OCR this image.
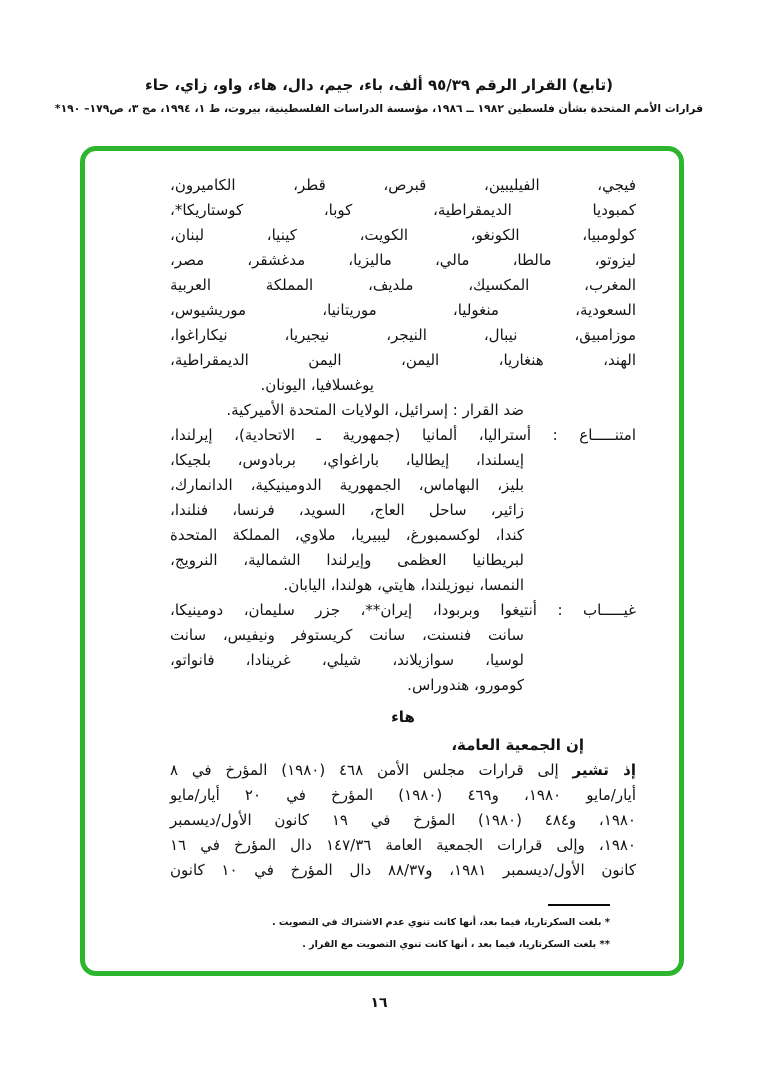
(تابع) القرار الرقم ٩٥/٣٩ ألف، باء، جيم، دال، هاء، واو، زاي، حاء
قرارات الأمم المتحدة بشأن فلسطين ١٩٨٢ ــ ١٩٨٦، مؤسسة الدراسات الفلسطينية، بيروت، ط ١، ١٩٩٤، مج ٣، ص١٧٩– ١٩٠*
فيجي، الفيليبين، قبرص، قطر، الكاميرون،
كمبوديا الديمقراطية، كوبا، كوستاريكا*،
كولومبيا، الكونغو، الكويت، كينيا، لبنان،
ليزوتو، مالطا، مالي، ماليزيا، مدغشقر، مصر،
المغرب، المكسيك، ملديف، المملكة العربية
السعودية، منغوليا، موريتانيا، موريشيوس،
موزامبيق، نيبال، النيجر، نيجيريا، نيكاراغوا،
الهند، هنغاريا، اليمن، اليمن الديمقراطية،
يوغسلافيا، اليونان.
ضد القرار : إسرائيل، الولايات المتحدة الأميركية.
امتنـــــاع : أستراليا، ألمانيا (جمهورية ـ الاتحادية)، إيرلندا،
إيسلندا، إيطاليا، باراغواي، بربادوس، بلجيكا،
بليز، البهاماس، الجمهورية الدومينيكية، الدانمارك،
زائير، ساحل العاج، السويد، فرنسا، فنلندا،
كندا، لوكسمبورغ، ليبيريا، ملاوي، المملكة المتحدة
لبريطانيا العظمى وإيرلندا الشمالية، النرويج،
النمسا، نيوزيلندا، هايتي، هولندا، اليابان.
غيـــــاب : أنتيغوا وبربودا، إيران**، جزر سليمان، دومينيكا،
سانت فنسنت، سانت كريستوفر ونيفيس، سانت
لوسيا، سوازيلاند، شيلي، غرينادا، فانواتو،
كومورو، هندوراس.
هاء
إن الجمعية العامة،
إذ تشير إلى قرارات مجلس الأمن ٤٦٨ (١٩٨٠) المؤرخ في ٨
أيار/مايو ١٩٨٠، و٤٦٩ (١٩٨٠) المؤرخ في ٢٠ أيار/مايو
١٩٨٠، و٤٨٤ (١٩٨٠) المؤرخ في ١٩ كانون الأول/ديسمبر
١٩٨٠، وإلى قرارات الجمعية العامة ١٤٧/٣٦ دال المؤرخ في ١٦
كانون الأول/ديسمبر ١٩٨١، و٨٨/٣٧ دال المؤرخ في ١٠ كانون
* بلغت السكرتاريا، فيما بعد، أنها كانت تنوي عدم الاشتراك في التصويت .
** بلغت السكرتاريا، فيما بعد ، أنها كانت تنوي التصويت مع القرار .
١٦
